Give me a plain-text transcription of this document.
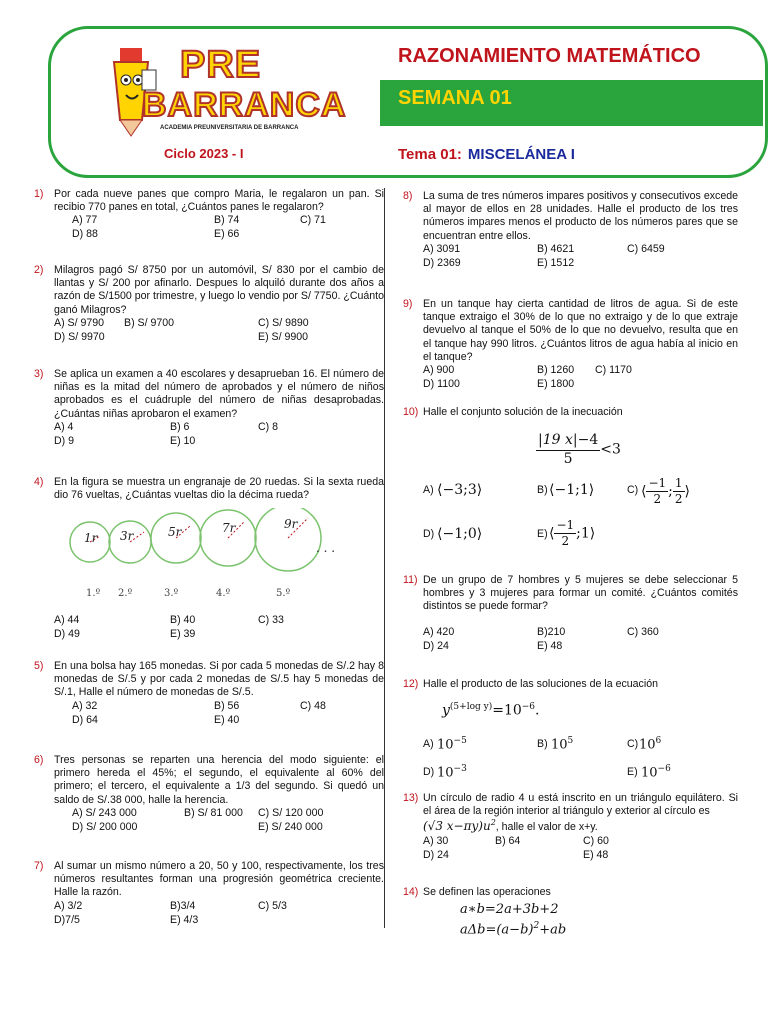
PRE
BARRANCA
ACADEMIA PREUNIVERSITARIA DE BARRANCA
Ciclo 2023 - I
RAZONAMIENTO MATEMÁTICO
SEMANA 01
Tema 01: MISCELÁNEA I
1) Por cada nueve panes que compro Maria, le regalaron un pan. Si recibio 770 panes en total, ¿Cuántos panes le regalaron?
A) 77	B) 74	C) 71
D) 88	E) 66
2) Milagros pagó S/ 8750 por un automóvil, S/ 830 por el cambio de llantas y S/ 200 por afinarlo. Despues lo alquiló durante dos años a razón de S/1500 por trimestre, y luego lo vendio por S/ 7750. ¿Cuánto ganó Milagros?
A) S/ 9790 B) S/ 9700	C) S/ 9890
D) S/ 9970	E) S/ 9900
3) Se aplica un examen a 40 escolares y desaprueban 16. El número de niñas es la mitad del número de aprobados y el número de niños aprobados es el cuádruple del número de niñas desaprobadas. ¿Cuántas niñas aprobaron el examen?
A) 4	B) 6	C) 8
D) 9	E) 10
4) En la figura se muestra un engranaje de 20 ruedas. Si la sexta rueda dio 76 vueltas, ¿Cuántas vueltas dio la décima rueda?
1r 3r	5r	7r	9r
. . .
1.º 2.º	3.º	4.º	5.º
A) 44	B) 40	C) 33
D) 49	E) 39
5) En una bolsa hay 165 monedas. Si por cada 5 monedas de S/.2 hay 8 monedas de S/.5 y por cada 2 monedas de S/.5 hay 5 monedas de S/.1, Halle el número de monedas de S/.5.
A) 32	B) 56	C) 48
D) 64	E) 40
6) Tres personas se reparten una herencia del modo siguiente: el primero hereda el 45%; el segundo, el equivalente al 60% del primero; el tercero, el equivalente a 1/3 del segundo. Si quedó un saldo de S/.38 000, halle la herencia.
A) S/ 243 000	B) S/ 81 000 C) S/ 120 000
D) S/ 200 000	E) S/ 240 000
7) Al sumar un mismo número a 20, 50 y 100, respectivamente, los tres números resultantes forman una progresión geométrica creciente. Halle la razón.
A) 3/2	B)3/4	C) 5/3
D)7/5	E) 4/3
8) La suma de tres números impares positivos y consecutivos excede al mayor de ellos en 28 unidades. Halle el producto de los tres números impares menos el producto de los números pares que se encuentran entre ellos.
A) 3091	B) 4621	C) 6459
D) 2369	E) 1512
9) En un tanque hay cierta cantidad de litros de agua. Si de este tanque extraigo el 30% de lo que no extraigo y de lo que extraje devuelvo al tanque el 50% de lo que no devuelvo, resulta que en el tanque hay 990 litros. ¿Cuántos litros de agua había al inicio en el tanque?
A) 900	B) 1260 C) 1170
D) 1100	E) 1800
10) Halle el conjunto solución de la inecuación
$\frac{|19 x|-4}{5} <3$
A) ⟨−3;3⟩	B) ⟨−1;1⟩	C) ⟨ $\frac{-1}{2}$ ; $\frac{1}{2}$ ⟩
D) ⟨−1;0⟩	E) ⟨ $\frac{-1}{2}$ ;1⟩
11) De un grupo de 7 hombres y 5 mujeres se debe seleccionar 5 hombres y 3 mujeres para formar un comité. ¿Cuántos comités distintos se puede formar?
A) 420	B)210	C) 360
D) 24	E) 48
12) Halle el producto de las soluciones de la ecuación
$y^{(5+log y)}=10^{-6}$.
A) $10^{-5}$	B) $10^5$	C) $10^6$
D) $10^{-3}$	E) $10^{-6}$
13) Un círculo de radio 4 u está inscrito en un triángulo equilátero. Si el área de la región interior al triángulo y exterior al círculo es
(√3 $x-\pi y)u^2$, halle el valor de x+y.
A) 30	B) 64	C) 60
D) 24	E) 48
14) Se definen las operaciones
a∗b=2a+3b+2
$a\Delta b=(a-b)^2+ab$
